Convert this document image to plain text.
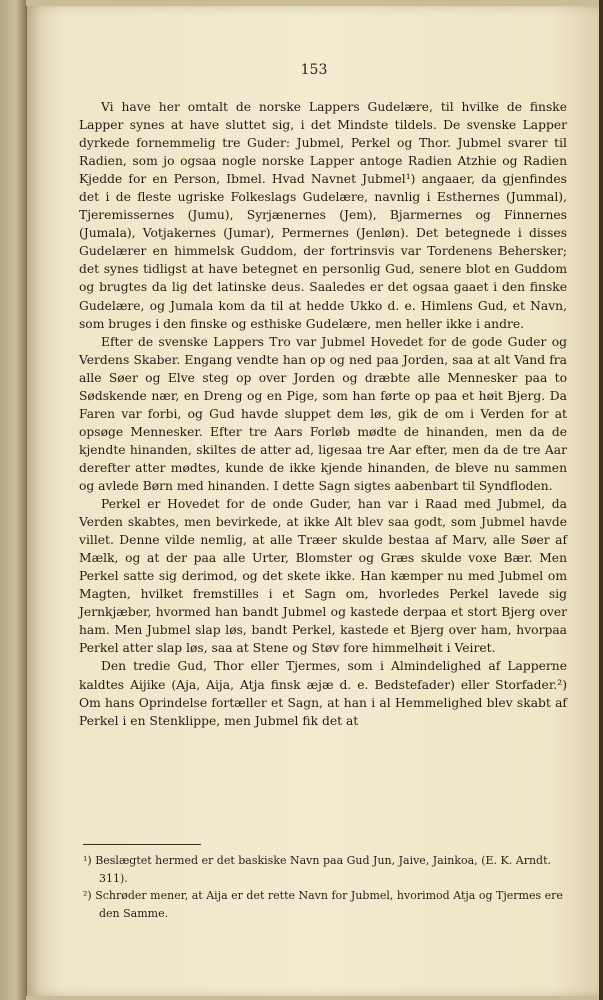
153

Vi have her omtalt de norske Lappers Gudelære, til hvilke de finske Lapper synes at have sluttet sig, i det Mindste tildels. De svenske Lapper dyrkede fornemmelig tre Guder: Jubmel, Perkel og Thor. Jubmel svarer til Radien, som jo ogsaa nogle norske Lapper antoge Radien Atzhie og Radien Kjedde for en Person, Ibmel. Hvad Navnet Jubmel¹) angaaer, da gjenfindes det i de fleste ugriske Folkeslags Gudelære, navnlig i Esthernes (Jummal), Tjeremissernes (Jumu), Syrjænernes (Jem), Bjarmernes og Finnernes (Jumala), Votjakernes (Jumar), Permernes (Jenløn). Det betegnede i disses Gudelærer en himmelsk Guddom, der fortrinsvis var Tordenens Behersker; det synes tidligst at have betegnet en personlig Gud, senere blot en Guddom og brugtes da lig det latinske deus. Saaledes er det ogsaa gaaet i den finske Gudelære, og Jumala kom da til at hedde Ukko d. e. Himlens Gud, et Navn, som bruges i den finske og esthiske Gudelære, men heller ikke i andre.

Efter de svenske Lappers Tro var Jubmel Hovedet for de gode Guder og Verdens Skaber. Engang vendte han op og ned paa Jorden, saa at alt Vand fra alle Søer og Elve steg op over Jorden og dræbte alle Mennesker paa to Sødskende nær, en Dreng og en Pige, som han førte op paa et høit Bjerg. Da Faren var forbi, og Gud havde sluppet dem løs, gik de om i Verden for at opsøge Mennesker. Efter tre Aars Forløb mødte de hinanden, men da de kjendte hinanden, skiltes de atter ad, ligesaa tre Aar efter, men da de tre Aar derefter atter mødtes, kunde de ikke kjende hinanden, de bleve nu sammen og avlede Børn med hinanden. I dette Sagn sigtes aabenbart til Syndfloden.

Perkel er Hovedet for de onde Guder, han var i Raad med Jubmel, da Verden skabtes, men bevirkede, at ikke Alt blev saa godt, som Jubmel havde villet. Denne vilde nemlig, at alle Træer skulde bestaa af Marv, alle Søer af Mælk, og at der paa alle Urter, Blomster og Græs skulde voxe Bær. Men Perkel satte sig derimod, og det skete ikke. Han kæmper nu med Jubmel om Magten, hvilket fremstilles i et Sagn om, hvorledes Perkel lavede sig Jernkjæber, hvormed han bandt Jubmel og kastede derpaa et stort Bjerg over ham. Men Jubmel slap løs, bandt Perkel, kastede et Bjerg over ham, hvorpaa Perkel atter slap løs, saa at Stene og Støv fore himmelhøit i Veiret.

Den tredie Gud, Thor eller Tjermes, som i Almindelighed af Lapperne kaldtes Aijike (Aja, Aija, Atja finsk æjæ d. e. Bedstefader) eller Storfader.²) Om hans Oprindelse fortæller et Sagn, at han i al Hemmelighed blev skabt af Perkel i en Stenklippe, men Jubmel fik det at

¹) Beslægtet hermed er det baskiske Navn paa Gud Jun, Jaive, Jainkoa, (E. K. Arndt. 311).
²) Schrøder mener, at Aija er det rette Navn for Jubmel, hvorimod Atja og Tjermes ere den Samme.
